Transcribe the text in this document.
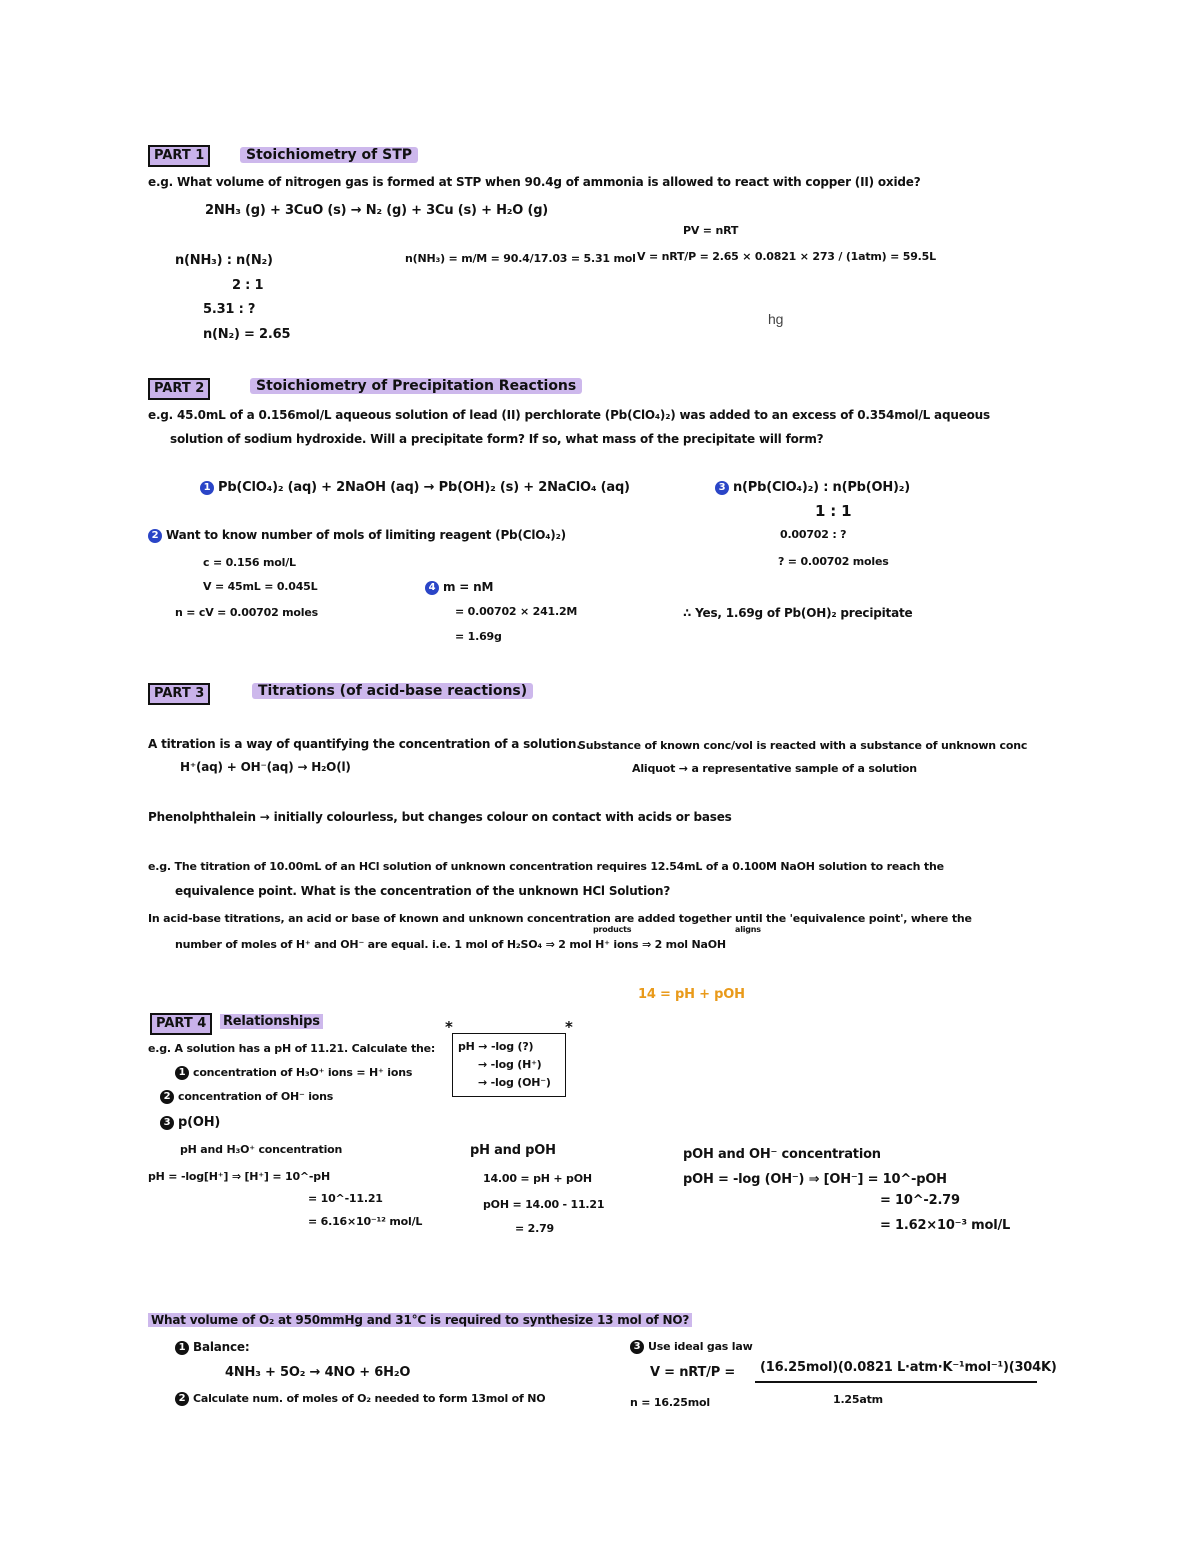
PART 1	Stoichiometry of STP
e.g. What volume of nitrogen gas is formed at STP when 90.4g of ammonia is allowed to react with copper (II) oxide?
2NH₃ (g) + 3CuO (s) → N₂ (g) + 3Cu (s) + H₂O (g)
n(NH₃) : n(N₂)
2 : 1
5.31 : ?
n(N₂) = 2.65
n(NH₃) = m/M = 90.4/17.03 = 5.31 mol
PV = nRT
V = nRT/P = 2.65 × 0.0821 × 273 / (1atm) = 59.5L
hg
PART 2	Stoichiometry of Precipitation Reactions
e.g. 45.0mL of a 0.156mol/L aqueous solution of lead (II) perchlorate (Pb(ClO₄)₂) was added to an excess of 0.354mol/L aqueous
solution of sodium hydroxide. Will a precipitate form? If so, what mass of the precipitate will form?
1 Pb(ClO₄)₂ (aq) + 2NaOH (aq) → Pb(OH)₂ (s) + 2NaClO₄ (aq)
2 Want to know number of mols of limiting reagent (Pb(ClO₄)₂)
c = 0.156 mol/L
V = 45mL = 0.045L
n = cV = 0.00702 moles
3 n(Pb(ClO₄)₂) : n(Pb(OH)₂)
1 : 1
0.00702 : ?
? = 0.00702 moles
4 m = nM
= 0.00702 × 241.2M
= 1.69g
∴ Yes, 1.69g of Pb(OH)₂ precipitate
PART 3	Titrations (of acid-base reactions)
A titration is a way of quantifying the concentration of a solution.
H⁺(aq) + OH⁻(aq) → H₂O(l)
Substance of known conc/vol is reacted with a substance of unknown conc
Aliquot → a representative sample of a solution
Phenolphthalein → initially colourless, but changes colour on contact with acids or bases
e.g. The titration of 10.00mL of an HCl solution of unknown concentration requires 12.54mL of a 0.100M NaOH solution to reach the
equivalence point. What is the concentration of the unknown HCl Solution?
In acid-base titrations, an acid or base of known and unknown concentration are added together until the 'equivalence point', where the
number of moles of H⁺ and OH⁻ are equal. i.e. 1 mol of H₂SO₄ ⇒ 2 mol H⁺ ions ⇒ 2 mol NaOH
products	aligns
14 = pH + pOH
PART 4	Relationships
e.g. A solution has a pH of 11.21. Calculate the:
1 concentration of H₃O⁺ ions = H⁺ ions
2 concentration of OH⁻ ions
3 p(OH)
*	*
pH → -log (?)
→ -log (H⁺)
→ -log (OH⁻)
pH and H₃O⁺ concentration
pH = -log[H⁺] ⇒ [H⁺] = 10^-pH
= 10^-11.21
= 6.16×10⁻¹² mol/L
pH and pOH
14.00 = pH + pOH
pOH = 14.00 - 11.21
= 2.79
pOH and OH⁻ concentration
pOH = -log (OH⁻) ⇒ [OH⁻] = 10^-pOH
= 10^-2.79
= 1.62×10⁻³ mol/L
What volume of O₂ at 950mmHg and 31°C is required to synthesize 13 mol of NO?
1 Balance:
4NH₃ + 5O₂ → 4NO + 6H₂O
2 Calculate num. of moles of O₂ needed to form 13mol of NO
3 Use ideal gas law
V = nRT/P = (16.25mol)(0.0821 L·atm·K⁻¹mol⁻¹)(304K)
1.25atm
n = 16.25mol
